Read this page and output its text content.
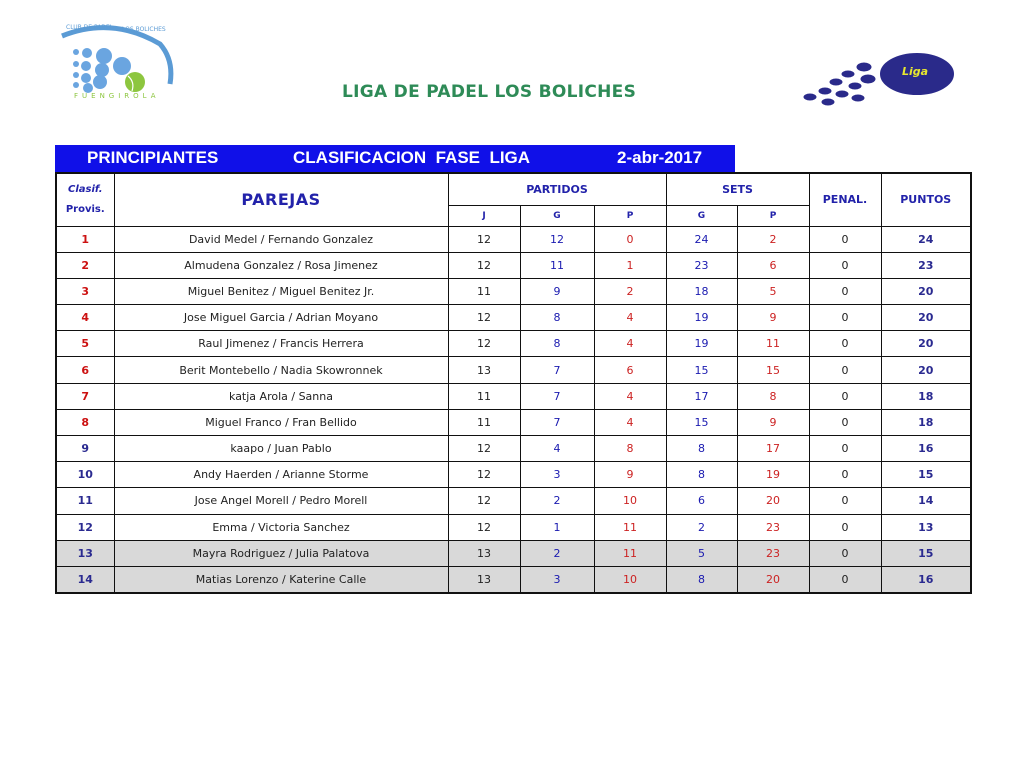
CLUB DE PADEL LOS BOLICHES
FUENGIROLA	LIGA DE PADEL LOS BOLICHES
Liga
PRINCIPIANTES	CLASIFICACION  FASE  LIGA	2-abr-2017
Clasif.
Provis.	PAREJAS	PARTIDOS			SETS		PENAL.	PUNTOS
		J	G	P	G	P		
1	David Medel / Fernando Gonzalez	12	12	0	24	2	0	24
2	Almudena Gonzalez / Rosa Jimenez	12	11	1	23	6	0	23
3	Miguel Benitez / Miguel Benitez Jr.	11	9	2	18	5	0	20
4	Jose Miguel Garcia / Adrian Moyano	12	8	4	19	9	0	20
5	Raul Jimenez / Francis Herrera	12	8	4	19	11	0	20
6	Berit Montebello / Nadia Skowronnek	13	7	6	15	15	0	20
7	katja Arola / Sanna	11	7	4	17	8	0	18
8	Miguel Franco / Fran Bellido	11	7	4	15	9	0	18
9	kaapo / Juan Pablo	12	4	8	8	17	0	16
10	Andy Haerden / Arianne Storme	12	3	9	8	19	0	15
11	Jose Angel Morell / Pedro Morell	12	2	10	6	20	0	14
12	Emma / Victoria Sanchez	12	1	11	2	23	0	13
13	Mayra Rodriguez / Julia Palatova	13	2	11	5	23	0	15
14	Matias Lorenzo / Katerine Calle	13	3	10	8	20	0	16
